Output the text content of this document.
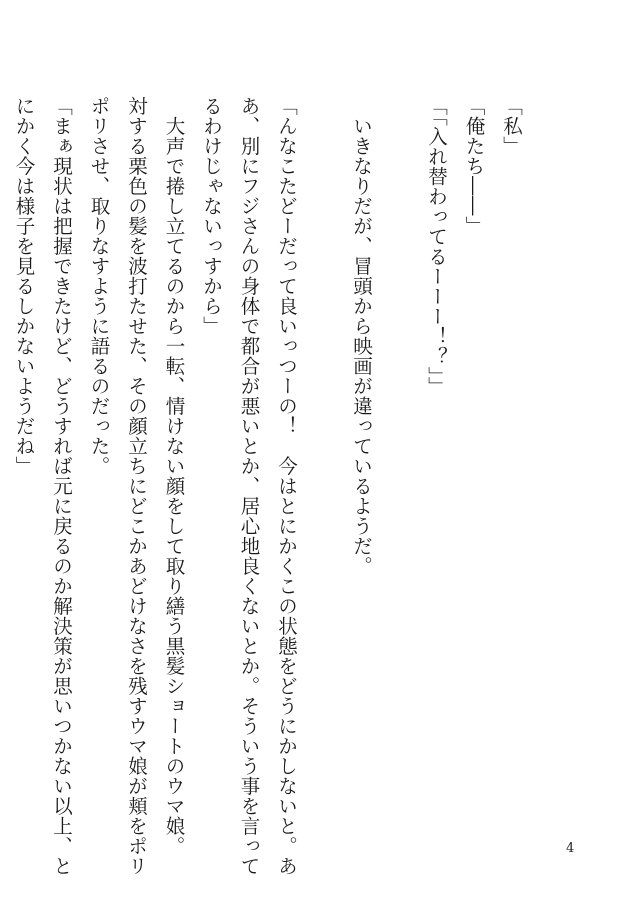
「私」

「俺たち――」

「「入れ替わってるーーー！？」」

　いきなりだが、冒頭から映画が違っているようだ。

「んなこたどーだって良いっつーの！　今はとにかくこの状態をどうにかしないと。あ

あ、別にフジさんの身体で都合が悪いとか、居心地良くないとか。そういう事を言って

るわけじゃないっすから」

　大声で捲し立てるのから一転、情けない顔をして取り繕う黒髪ショートのウマ娘。

対する栗色の髪を波打たせた、その顔立ちにどこかあどけなさを残すウマ娘が頬をポリ

ポリさせ、取りなすように語るのだった。

「まぁ現状は把握できたけど、どうすれば元に戻るのか解決策が思いつかない以上、と

にかく今は様子を見るしかないようだね」

4
